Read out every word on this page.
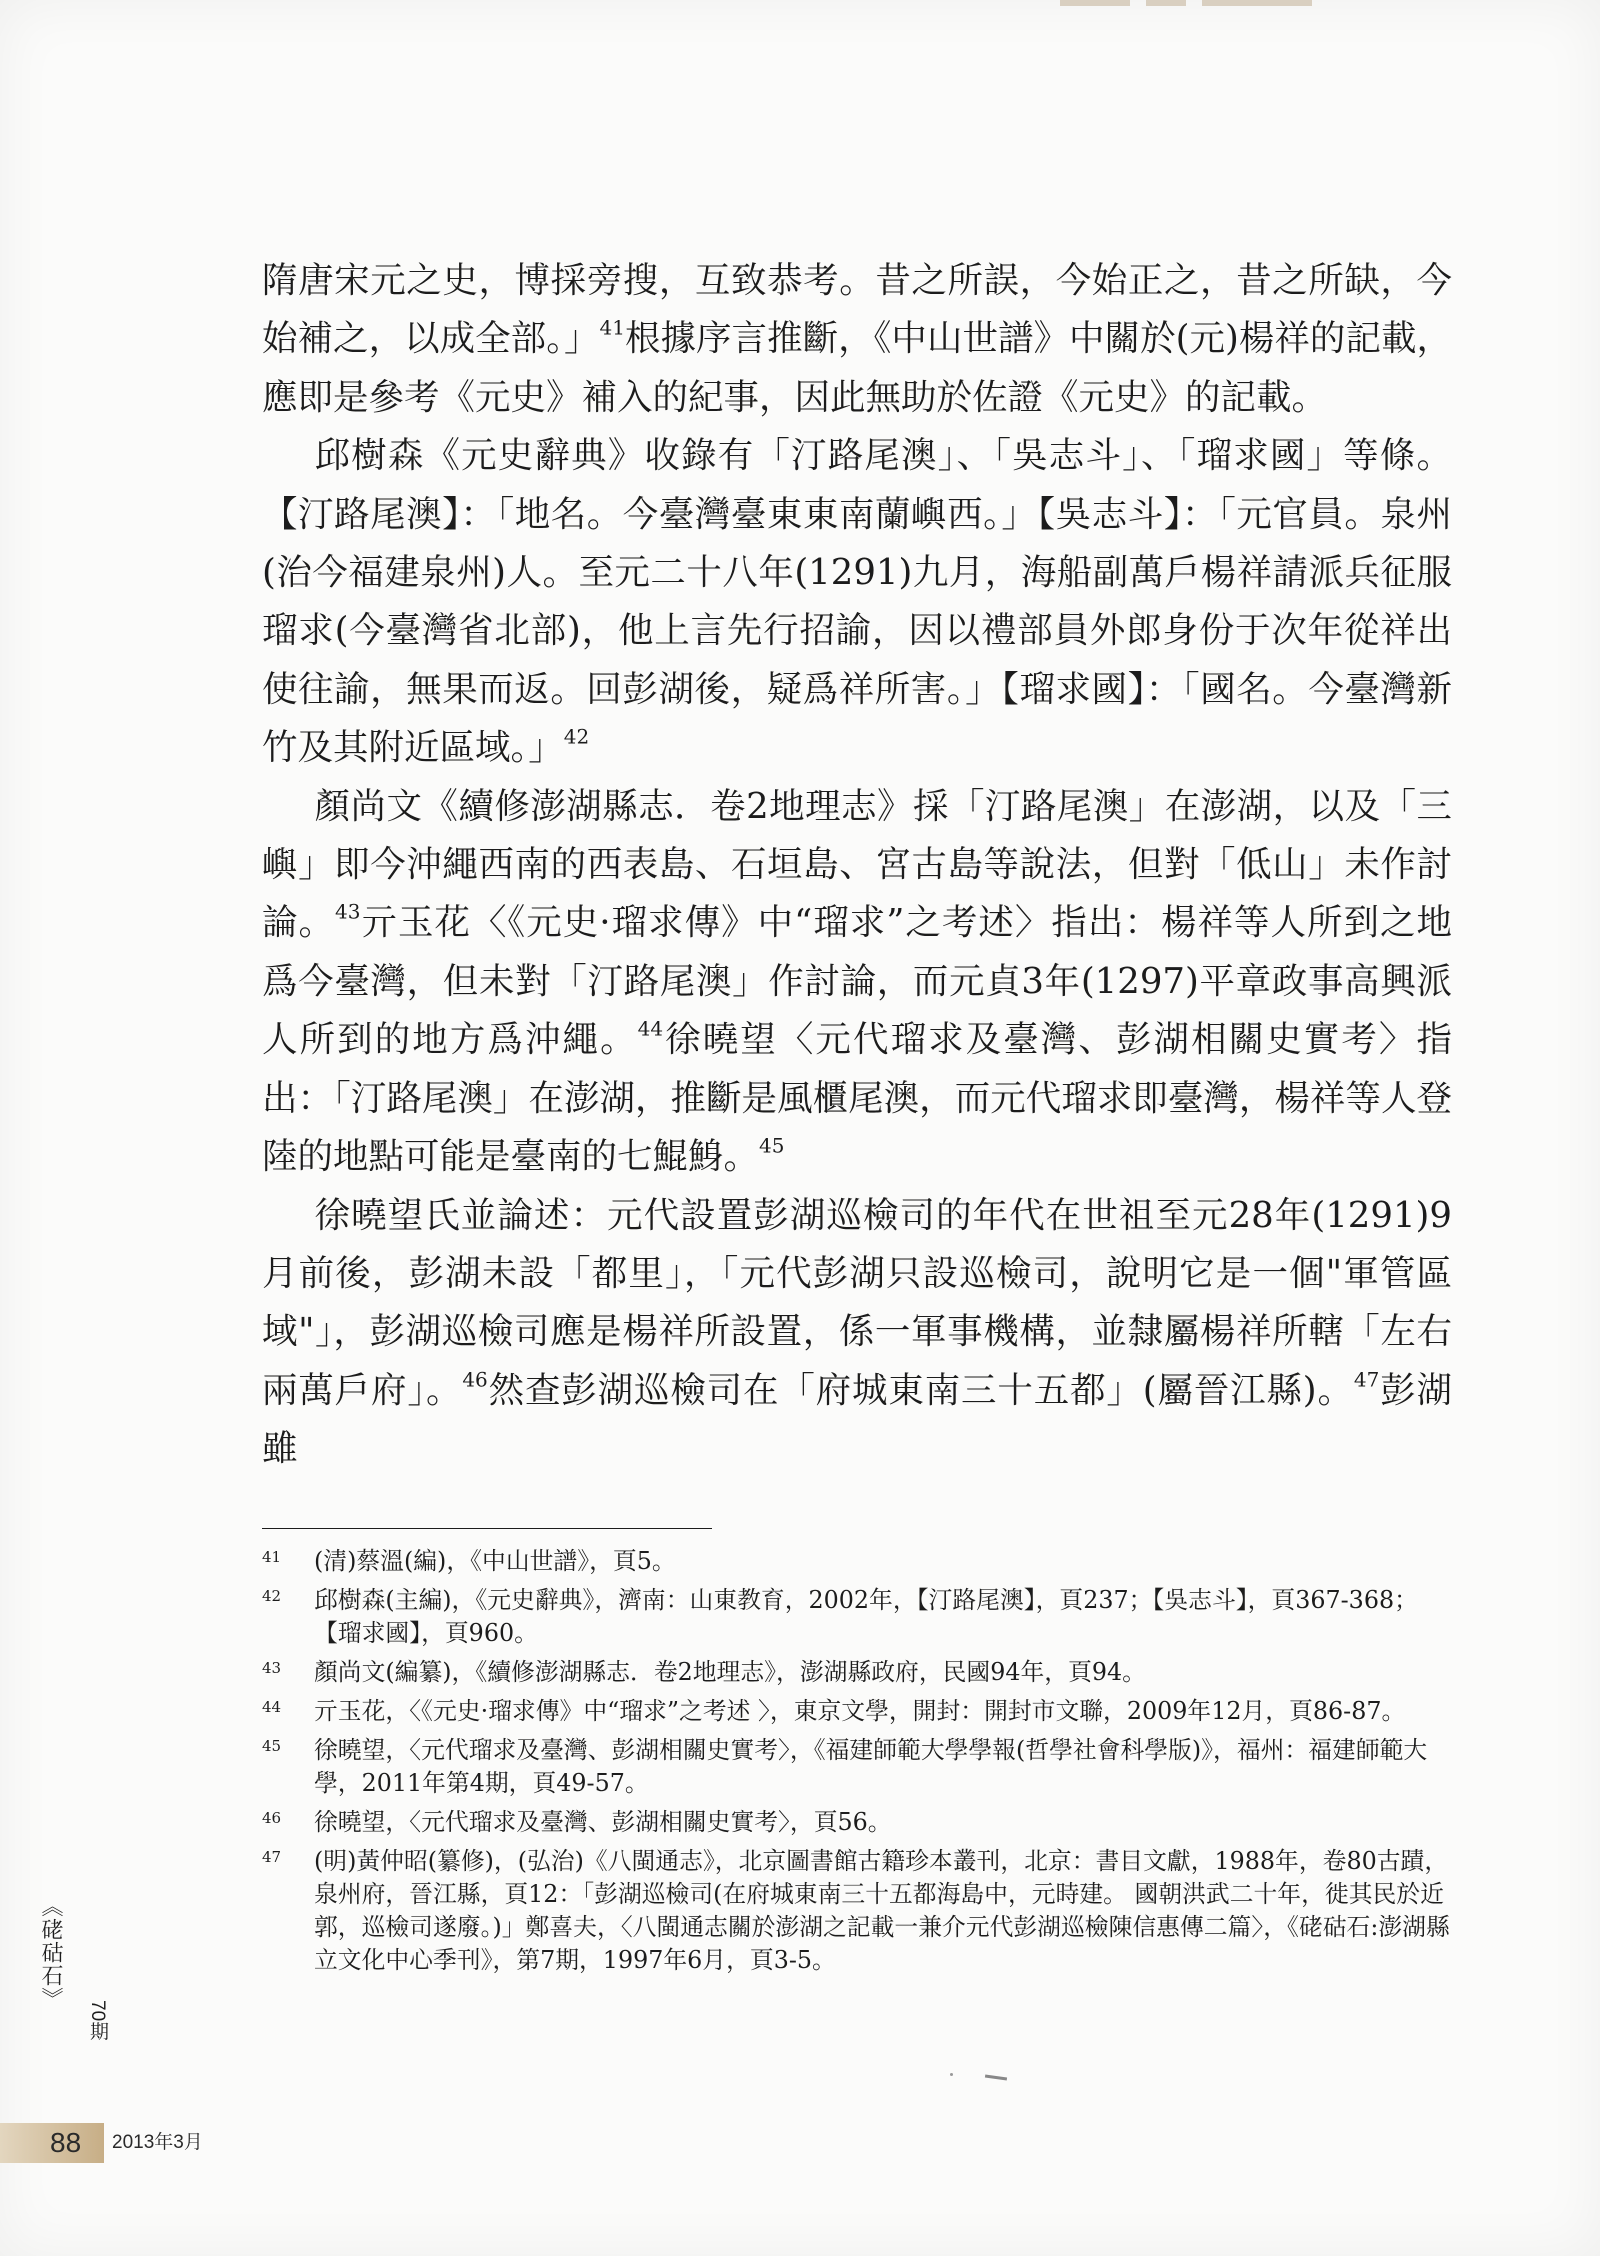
隋唐宋元之史，博採旁搜，互致恭考。昔之所誤，今始正之，昔之所缺，今始補之，以成全部。」$^{41}$根據序言推斷，《中山世譜》中關於(元)楊祥的記載，應即是參考《元史》補入的紀事，因此無助於佐證《元史》的記載。

邱樹森《元史辭典》收錄有「汀路尾澳」、「吳志斗」、「瑠求國」等條。【汀路尾澳】：「地名。今臺灣臺東東南蘭嶼西。」【吳志斗】：「元官員。泉州(治今福建泉州)人。至元二十八年(1291)九月，海船副萬戶楊祥請派兵征服瑠求(今臺灣省北部)，他上言先行招諭，因以禮部員外郎身份于次年從祥出使往諭，無果而返。回彭湖後，疑爲祥所害。」【瑠求國】：「國名。今臺灣新竹及其附近區域。」$^{42}$

顏尚文《續修澎湖縣志．卷2地理志》採「汀路尾澳」在澎湖，以及「三嶼」即今沖繩西南的西表島、石垣島、宮古島等說法，但對「低山」未作討論。$^{43}$亓玉花〈《元史·瑠求傳》中“瑠求”之考述〉指出：楊祥等人所到之地爲今臺灣，但未對「汀路尾澳」作討論，而元貞3年(1297)平章政事高興派人所到的地方爲沖繩。$^{44}$徐曉望〈元代瑠求及臺灣、彭湖相關史實考〉指出：「汀路尾澳」在澎湖，推斷是風櫃尾澳，而元代瑠求即臺灣，楊祥等人登陸的地點可能是臺南的七鯤鯓。$^{45}$

徐曉望氏並論述：元代設置彭湖巡檢司的年代在世祖至元28年(1291)9月前後，彭湖未設「都里」，「元代彭湖只設巡檢司，說明它是一個"軍管區域"」，彭湖巡檢司應是楊祥所設置，係一軍事機構，並隸屬楊祥所轄「左右兩萬戶府」。$^{46}$然查彭湖巡檢司在「府城東南三十五都」(屬晉江縣)。$^{47}$彭湖雖

41 (清)蔡溫(編)，《中山世譜》，頁5。
42 邱樹森(主編)，《元史辭典》，濟南：山東教育，2002年，【汀路尾澳】，頁237；【吳志斗】，頁367-368；【瑠求國】，頁960。
43 顏尚文(編纂)，《續修澎湖縣志．卷2地理志》，澎湖縣政府，民國94年，頁94。
44 亓玉花，〈《元史·瑠求傳》中“瑠求”之考述 〉，東京文學，開封：開封市文聯，2009年12月，頁86-87。
45 徐曉望，〈元代瑠求及臺灣、彭湖相關史實考〉，《福建師範大學學報(哲學社會科學版)》，福州：福建師範大學，2011年第4期，頁49-57。
46 徐曉望，〈元代瑠求及臺灣、彭湖相關史實考〉，頁56。
47 (明)黃仲昭(纂修)，(弘治)《八閩通志》，北京圖書館古籍珍本叢刊，北京：書目文獻，1988年，卷80古蹟，泉州府，晉江縣，頁12：「彭湖巡檢司(在府城東南三十五都海島中，元時建。 國朝洪武二十年，徙其民於近郭，巡檢司遂廢。)」鄭喜夫，〈八閩通志關於澎湖之記載一兼介元代彭湖巡檢陳信惠傳二篇〉，《硓𥑮石:澎湖縣立文化中心季刊》，第7期，1997年6月，頁3-5。
《硓𥑮石》
70期
88 2013年3月
